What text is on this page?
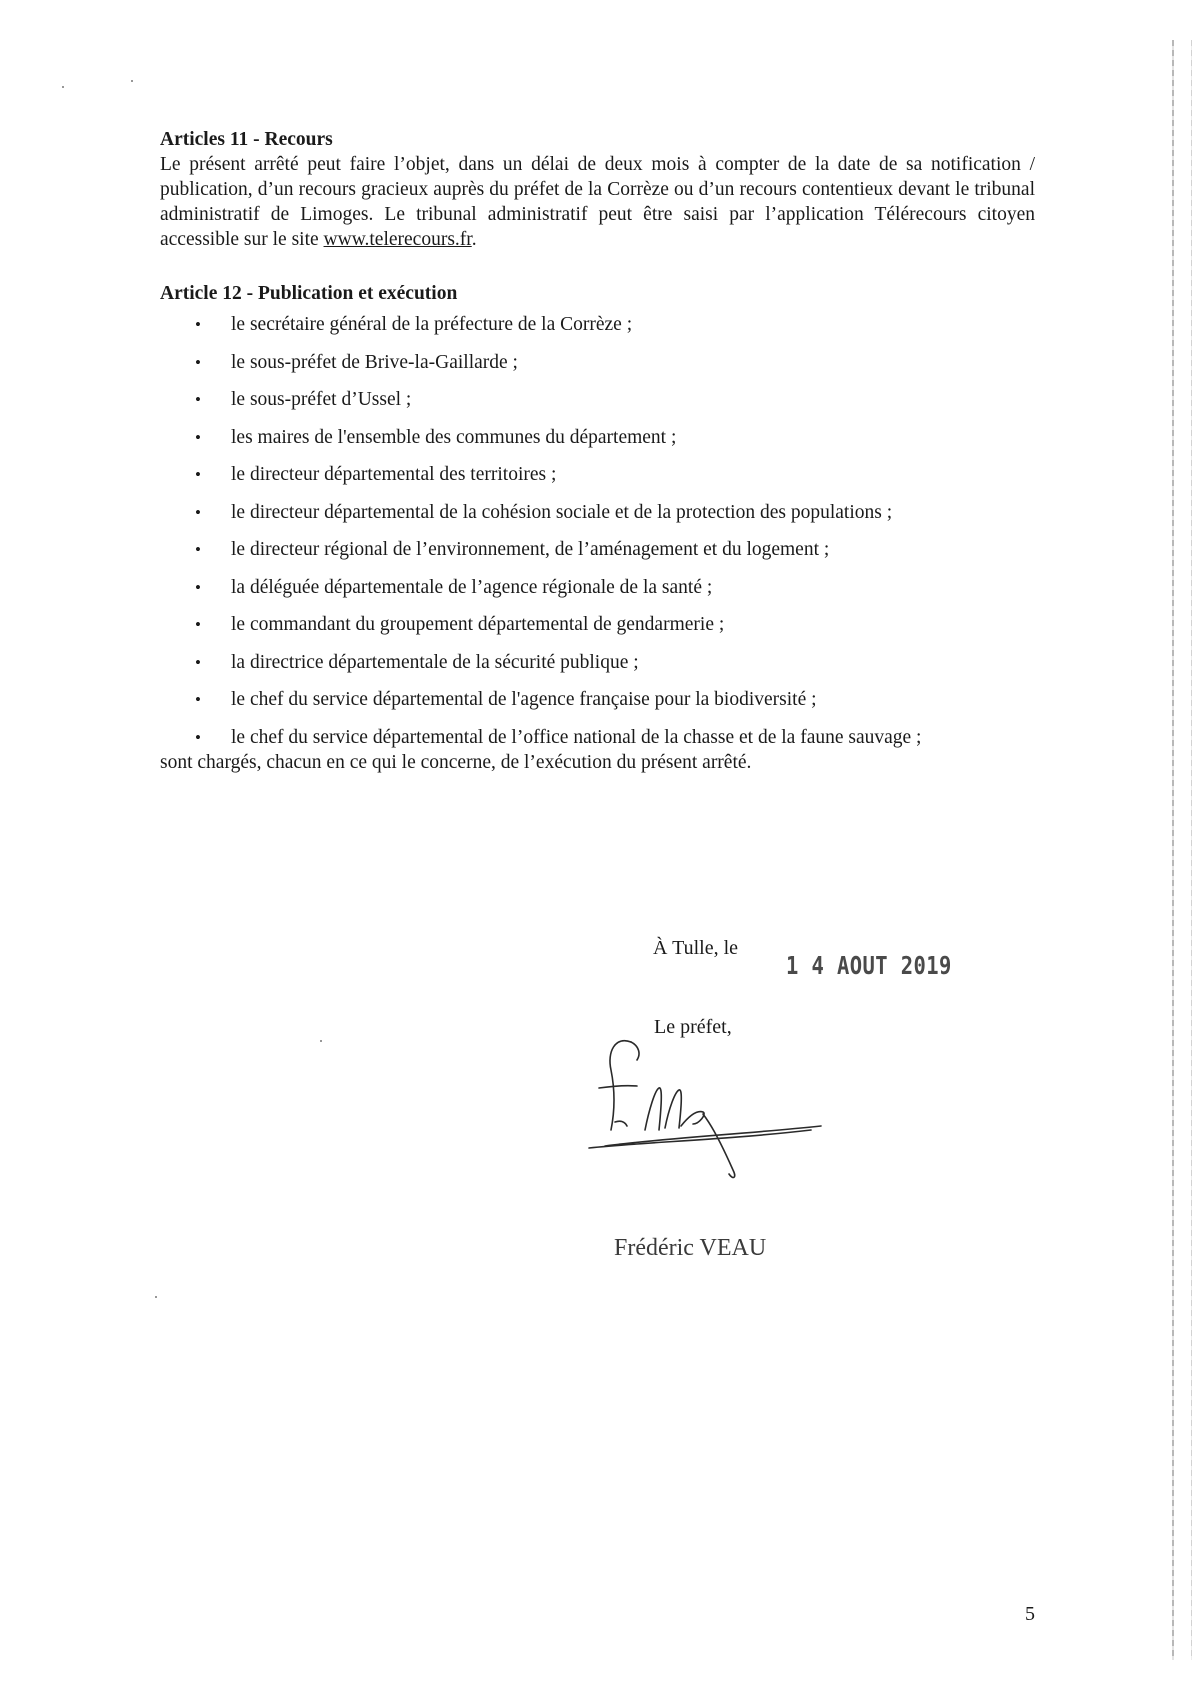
Articles 11 - Recours

Le présent arrêté peut faire l’objet, dans un délai de deux mois à compter de la date de sa notification / publication, d’un recours gracieux auprès du préfet de la Corrèze ou d’un recours contentieux devant le tribunal administratif de Limoges. Le tribunal administratif peut être saisi par l’application Télérecours citoyen accessible sur le site www.telerecours.fr.

Article 12 - Publication et exécution
• le secrétaire général de la préfecture de la Corrèze ;
• le sous-préfet de Brive-la-Gaillarde ;
• le sous-préfet d’Ussel ;
• les maires de l'ensemble des communes du département ;
• le directeur départemental des territoires ;
• le directeur départemental de la cohésion sociale et de la protection des populations ;
• le directeur régional de l’environnement, de l’aménagement et du logement ;
• la déléguée départementale de l’agence régionale de la santé ;
• le commandant du groupement départemental de gendarmerie ;
• la directrice départementale de la sécurité publique ;
• le chef du service départemental de l'agence française pour la biodiversité ;
• le chef du service départemental de l’office national de la chasse et de la faune sauvage ;

sont chargés, chacun en ce qui le concerne, de l’exécution du présent arrêté.

À Tulle, le

1 4 AOUT 2019

Le préfet,

Frédéric VEAU

5
